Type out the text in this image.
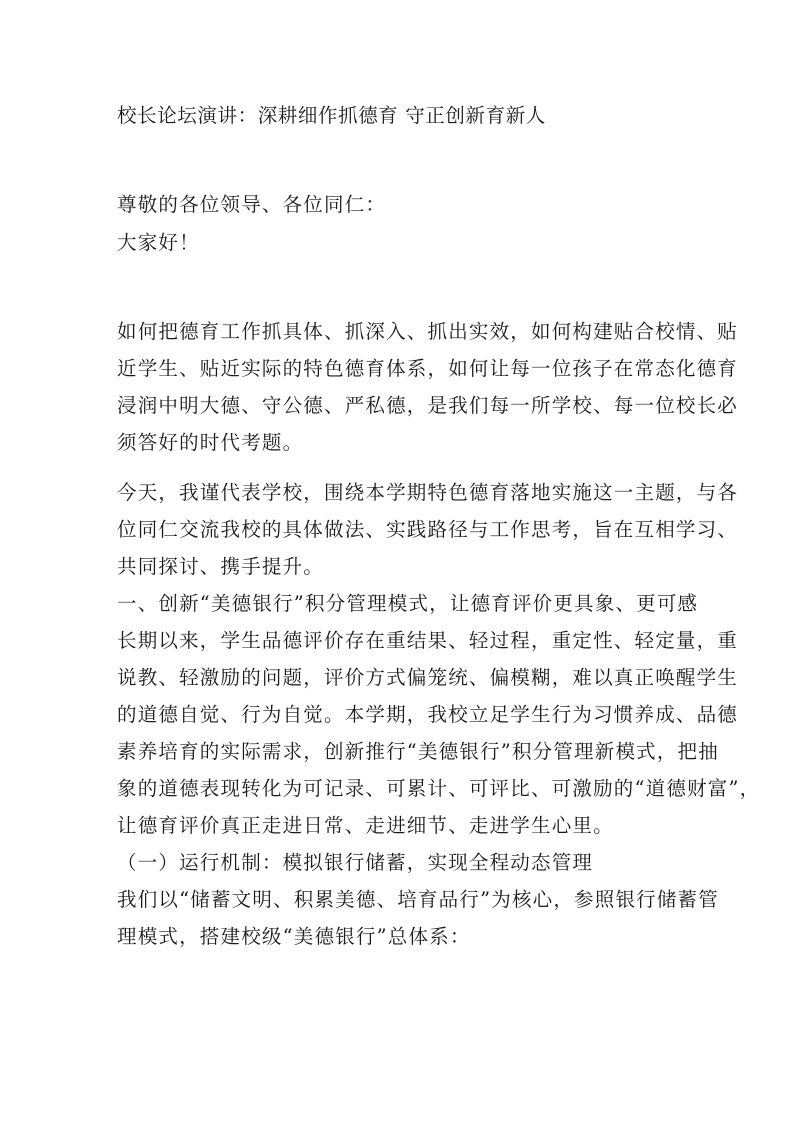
校长论坛演讲：深耕细作抓德育 守正创新育新人
尊敬的各位领导、各位同仁：
大家好！
如何把德育工作抓具体、抓深入、抓出实效，如何构建贴合校情、贴
近学生、贴近实际的特色德育体系，如何让每一位孩子在常态化德育
浸润中明大德、守公德、严私德，是我们每一所学校、每一位校长必
须答好的时代考题。
今天，我谨代表学校，围绕本学期特色德育落地实施这一主题，与各
位同仁交流我校的具体做法、实践路径与工作思考，旨在互相学习、
共同探讨、携手提升。
一、创新“美德银行”积分管理模式，让德育评价更具象、更可感
长期以来，学生品德评价存在重结果、轻过程，重定性、轻定量，重
说教、轻激励的问题，评价方式偏笼统、偏模糊，难以真正唤醒学生
的道德自觉、行为自觉。本学期，我校立足学生行为习惯养成、品德
素养培育的实际需求，创新推行“美德银行”积分管理新模式，把抽
象的道德表现转化为可记录、可累计、可评比、可激励的“道德财富”，
让德育评价真正走进日常、走进细节、走进学生心里。
（一）运行机制：模拟银行储蓄，实现全程动态管理
我们以“储蓄文明、积累美德、培育品行”为核心，参照银行储蓄管
理模式，搭建校级“美德银行”总体系：
